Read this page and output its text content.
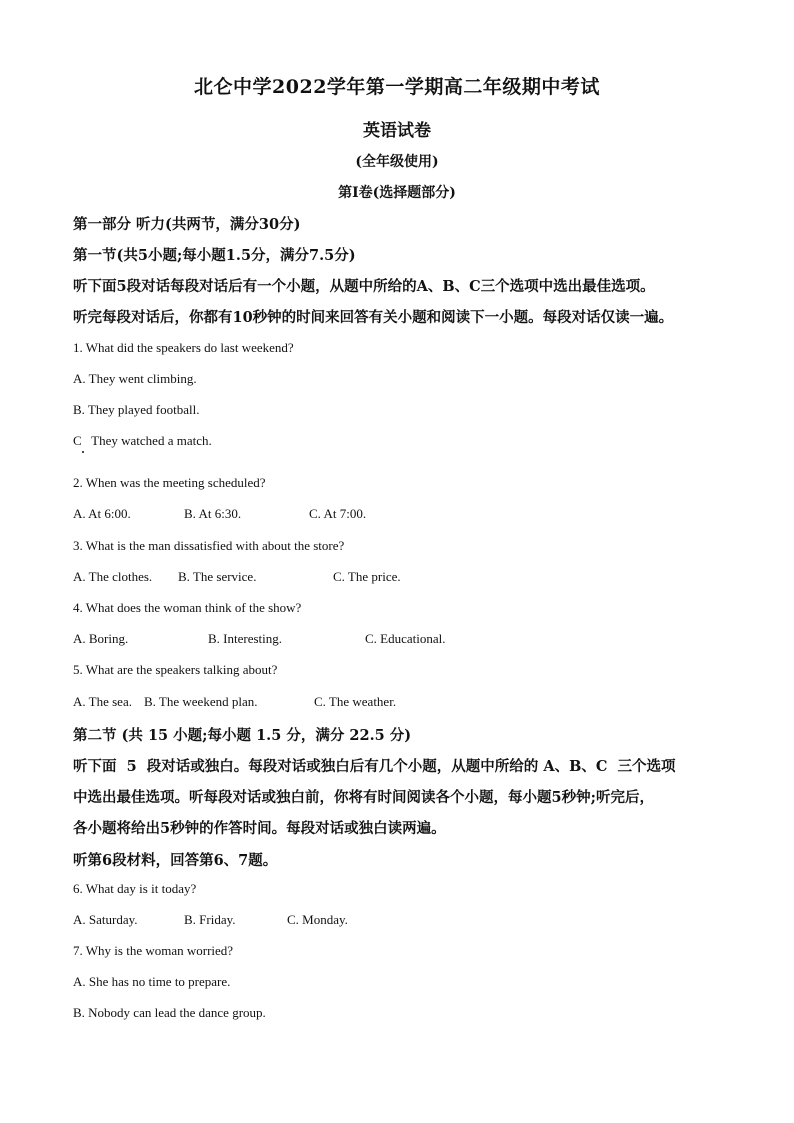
北仑中学2022学年第一学期高二年级期中考试

英语试卷

(全年级使用)

第I卷(选择题部分)

第一部分 听力(共两节，满分30分)

第一节(共5小题;每小题1.5分，满分7.5分)

听下面5段对话每段对话后有一个小题，从题中所给的A、B、C三个选项中选出最佳选项。

听完每段对话后，你都有10秒钟的时间来回答有关小题和阅读下一小题。每段对话仅读一遍。

1. What did the speakers do last weekend?

A. They went climbing.

B. They played football.

C   They watched a match.

2. When was the meeting scheduled?

A. At 6:00.	B. At 6:30.	C. At 7:00.

3. What is the man dissatisfied with about the store?

A. The clothes. B. The service.	C. The price.

4. What does the woman think of the show?

A. Boring.	B. Interesting.	C. Educational.

5. What are the speakers talking about?

A. The sea. B. The weekend plan.	C. The weather.

第二节 (共 15 小题;每小题 1.5 分，满分 22.5 分)

听下面  5  段对话或独白。每段对话或独白后有几个小题，从题中所给的 A、B、C  三个选项

中选出最佳选项。听每段对话或独白前，你将有时间阅读各个小题，每小题5秒钟;听完后，

各小题将给出5秒钟的作答时间。每段对话或独白读两遍。

听第6段材料，回答第6、7题。

6. What day is it today?

A. Saturday.	B. Friday.	C. Monday.

7. Why is the woman worried?

A. She has no time to prepare.

B. Nobody can lead the dance group.
